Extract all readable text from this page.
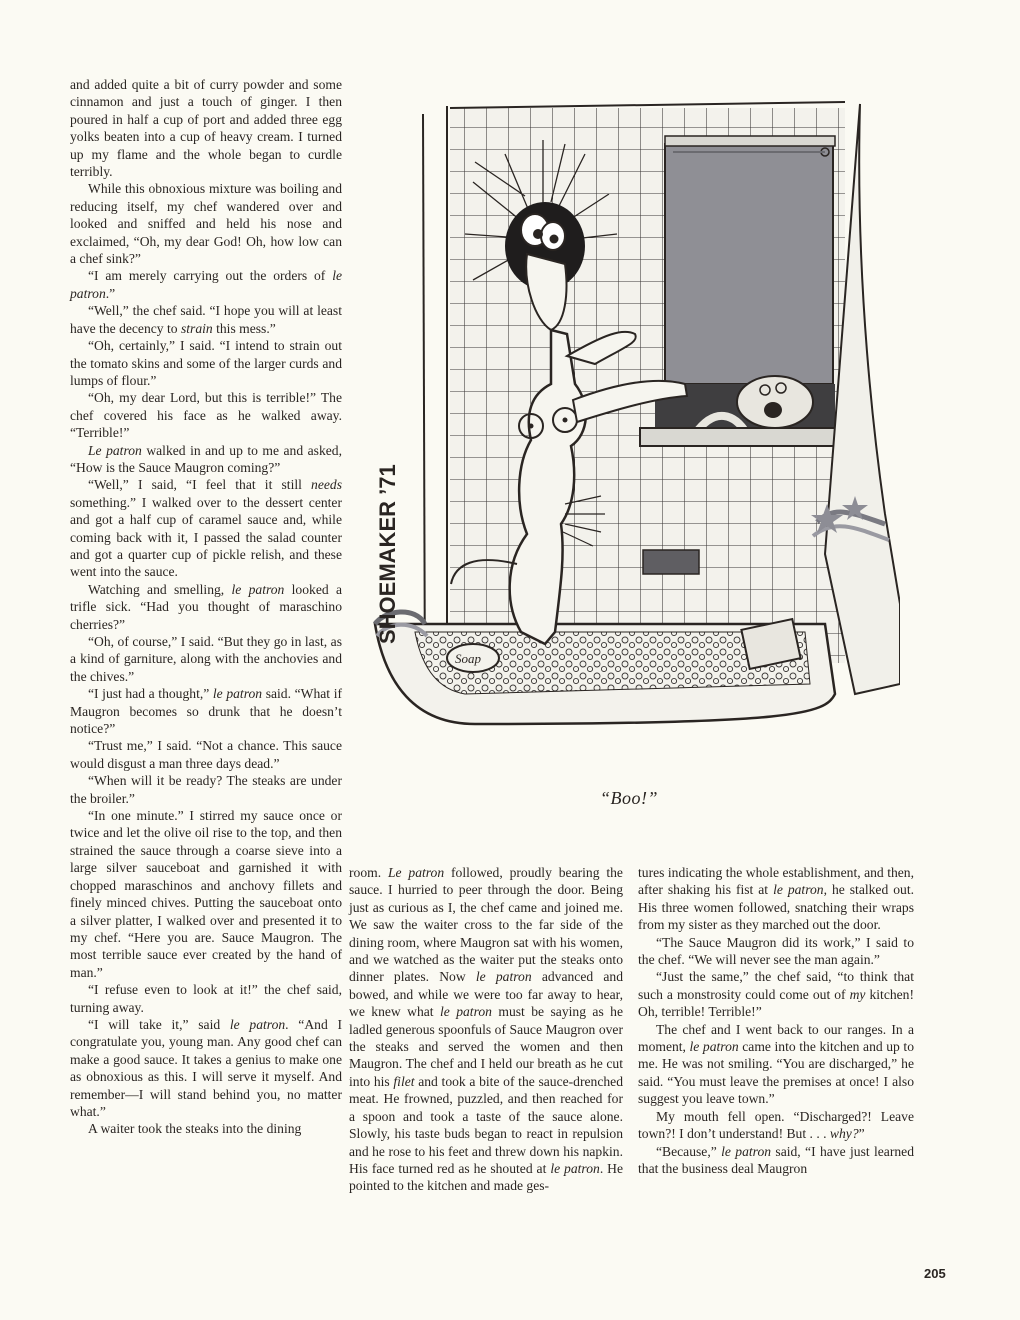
and added quite a bit of curry powder and some cinnamon and just a touch of ginger. I then poured in half a cup of port and added three egg yolks beaten into a cup of heavy cream. I turned up my flame and the whole began to curdle terribly.

While this obnoxious mixture was boiling and reducing itself, my chef wandered over and looked and sniffed and held his nose and exclaimed, “Oh, my dear God! Oh, how low can a chef sink?”

“I am merely carrying out the orders of le patron.”

“Well,” the chef said. “I hope you will at least have the decency to strain this mess.”

“Oh, certainly,” I said. “I intend to strain out the tomato skins and some of the larger curds and lumps of flour.”

“Oh, my dear Lord, but this is terrible!” The chef covered his face as he walked away. “Terrible!”

Le patron walked in and up to me and asked, “How is the Sauce Maugron coming?”

“Well,” I said, “I feel that it still needs something.” I walked over to the dessert center and got a half cup of caramel sauce and, while coming back with it, I passed the salad counter and got a quarter cup of pickle relish, and these went into the sauce.

Watching and smelling, le patron looked a trifle sick. “Had you thought of maraschino cherries?”

“Oh, of course,” I said. “But they go in last, as a kind of garniture, along with the anchovies and the chives.”

“I just had a thought,” le patron said. “What if Maugron becomes so drunk that he doesn’t notice?”

“Trust me,” I said. “Not a chance. This sauce would disgust a man three days dead.”

“When will it be ready? The steaks are under the broiler.”

“In one minute.” I stirred my sauce once or twice and let the olive oil rise to the top, and then strained the sauce through a coarse sieve into a large silver sauceboat and garnished it with chopped maraschinos and anchovy fillets and finely minced chives. Putting the sauceboat onto a silver platter, I walked over and presented it to my chef. “Here you are. Sauce Maugron. The most terrible sauce ever created by the hand of man.”

“I refuse even to look at it!” the chef said, turning away.

“I will take it,” said le patron. “And I congratulate you, young man. Any good chef can make a good sauce. It takes a genius to make one as obnoxious as this. I will serve it myself. And remember—I will stand behind you, no matter what.”

A waiter took the steaks into the dining

Soap
SHOEMAKER ’71
“Boo!”

room. Le patron followed, proudly bearing the sauce. I hurried to peer through the door. Being just as curious as I, the chef came and joined me. We saw the waiter cross to the far side of the dining room, where Maugron sat with his women, and we watched as the waiter put the steaks onto dinner plates. Now le patron advanced and bowed, and while we were too far away to hear, we knew what le patron must be saying as he ladled generous spoonfuls of Sauce Maugron over the steaks and served the women and then Maugron. The chef and I held our breath as he cut into his filet and took a bite of the sauce-drenched meat. He frowned, puzzled, and then reached for a spoon and took a taste of the sauce alone. Slowly, his taste buds began to react in repulsion and he rose to his feet and threw down his napkin. His face turned red as he shouted at le patron. He pointed to the kitchen and made ges-

tures indicating the whole establishment, and then, after shaking his fist at le patron, he stalked out. His three women followed, snatching their wraps from my sister as they marched out the door.

“The Sauce Maugron did its work,” I said to the chef. “We will never see the man again.”

“Just the same,” the chef said, “to think that such a monstrosity could come out of my kitchen! Oh, terrible! Terrible!”

The chef and I went back to our ranges. In a moment, le patron came into the kitchen and up to me. He was not smiling. “You are discharged,” he said. “You must leave the premises at once! I also suggest you leave town.”

My mouth fell open. “Discharged?! Leave town?! I don’t understand! But . . . why?”

“Because,” le patron said, “I have just learned that the business deal Maugron

205
